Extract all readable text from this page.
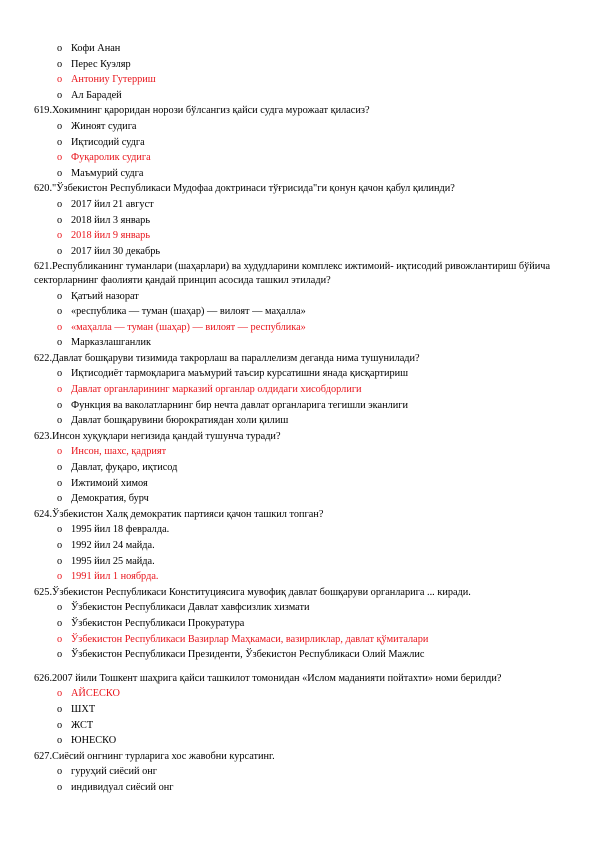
o Кофи Анан
o Перес Куэляр
o Антониу Гутерриш
o Ал Барадей
619.Хокимнинг қароридан норози бўлсангиз қайси судга мурожаат қиласиз?
o Жиноят судига
o Иқтисодий судга
o Фуқаролик судига
o Маъмурий судга
620."Ўзбекистон Республикаси Мудофаа доктринаси тўғрисида"ги қонун қачон қабул қилинди?
o 2017 йил 21 август
o 2018 йил 3 январь
o 2018 йил 9 январь
o 2017 йил 30 декабрь
621.Республиканинг туманлари (шаҳарлари) ва худудларини комплекс ижтимоий- иқтисодий ривожлантириш бўйича секторларнинг фаолияти қандай принцип асосида ташкил этилади?
o Қатъий назорат
o «республика — туман (шаҳар) — вилоят — маҳалла»
o «маҳалла — туман (шаҳар) — вилоят — республика»
o Марказлашганлик
622.Давлат бошқаруви тизимида такрорлаш ва параллелизм деганда нима тушунилади?
o Иқтисодиёт тармоқларига маъмурий таъсир курсатишни янада қисқартириш
o Давлат органларининг марказий органлар олдидаги хисобдорлиги
o Функция ва ваколатларнинг бир нечта давлат органларига тегишли эканлиги
o Давлат бошқарувини бюрократиядан холи қилиш
623.Инсон хуқуқлари негизида қандай тушунча туради?
o Инсон, шахс, қадрият
o Давлат, фуқаро, иқтисод
o Ижтимоий химоя
o Демократия, бурч
624.Ўзбекистон Халқ демократик партияси қачон ташкил топган?
o 1995 йил 18 февралда.
o 1992 йил 24 майда.
o 1995 йил 25 майда.
o 1991 йил 1 ноябрда.
625.Ўзбекистон Республикаси Конституциясига мувофиқ давлат бошқаруви органларига ... киради.
o Ўзбекистон Республикаси Давлат хавфсизлик хизмати
o Ўзбекистон Республикаси Прокуратура
o Ўзбекистон Республикаси Вазирлар Маҳкамаси, вазирликлар, давлат қўмиталари
o Ўзбекистон Республикаси Президенти, Ўзбекистон Республикаси Олий Мажлис
626.2007 йили Тошкент шаҳрига қайси ташкилот томонидан «Ислом маданияти пойтахти» номи берилди?
o АЙСЕСКО
o ШХТ
o ЖСТ
o ЮНЕСКО
627.Сиёсий онгнинг турларига хос жавобни курсатинг.
o гуруҳий сиёсий онг
o индивидуал сиёсий онг
